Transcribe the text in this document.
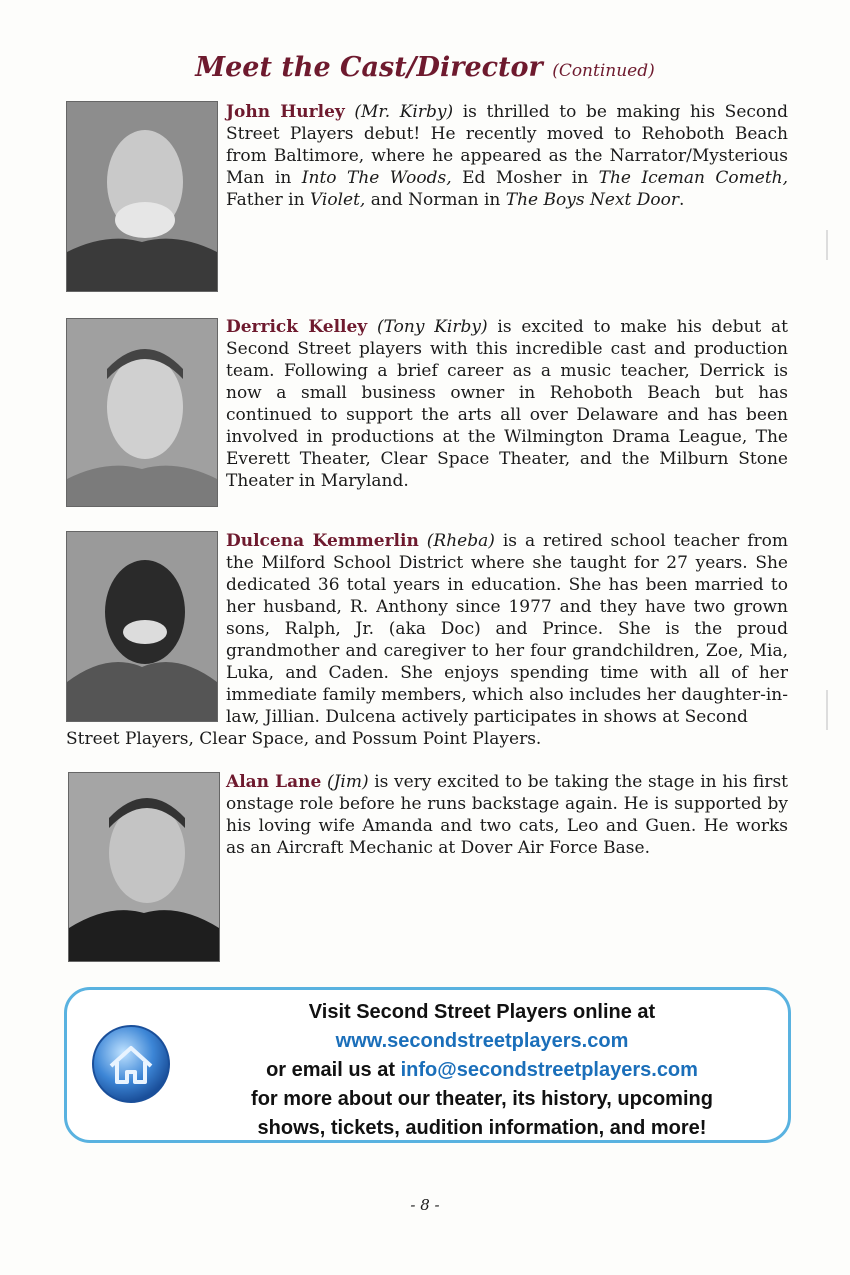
Meet the Cast/Director (Continued)
John Hurley (Mr. Kirby) is thrilled to be making his Second Street Players debut! He recently moved to Rehoboth Beach from Baltimore, where he appeared as the Narrator/Mysterious Man in Into The Woods, Ed Mosher in The Iceman Cometh, Father in Violet, and Norman in The Boys Next Door.
Derrick Kelley (Tony Kirby) is excited to make his debut at Second Street players with this incredible cast and production team. Following a brief career as a music teacher, Derrick is now a small business owner in Rehoboth Beach but has continued to support the arts all over Delaware and has been involved in productions at the Wilmington Drama League, The Everett Theater, Clear Space Theater, and the Milburn Stone Theater in Maryland.
Dulcena Kemmerlin (Rheba) is a retired school teacher from the Milford School District where she taught for 27 years. She dedicated 36 total years in education. She has been married to her husband, R. Anthony since 1977 and they have two grown sons, Ralph, Jr. (aka Doc) and Prince. She is the proud grandmother and caregiver to her four grandchildren, Zoe, Mia, Luka, and Caden. She enjoys spending time with all of her immediate family members, which also includes her daughter-in-law, Jillian. Dulcena actively participates in shows at Second
Street Players, Clear Space, and Possum Point Players.
Alan Lane (Jim) is very excited to be taking the stage in his first onstage role before he runs backstage again. He is supported by his loving wife Amanda and two cats, Leo and Guen. He works as an Aircraft Mechanic at Dover Air Force Base.
Visit Second Street Players online at
www.secondstreetplayers.com
or email us at info@secondstreetplayers.com
for more about our theater, its history, upcoming
shows, tickets, audition information, and more!
- 8 -
